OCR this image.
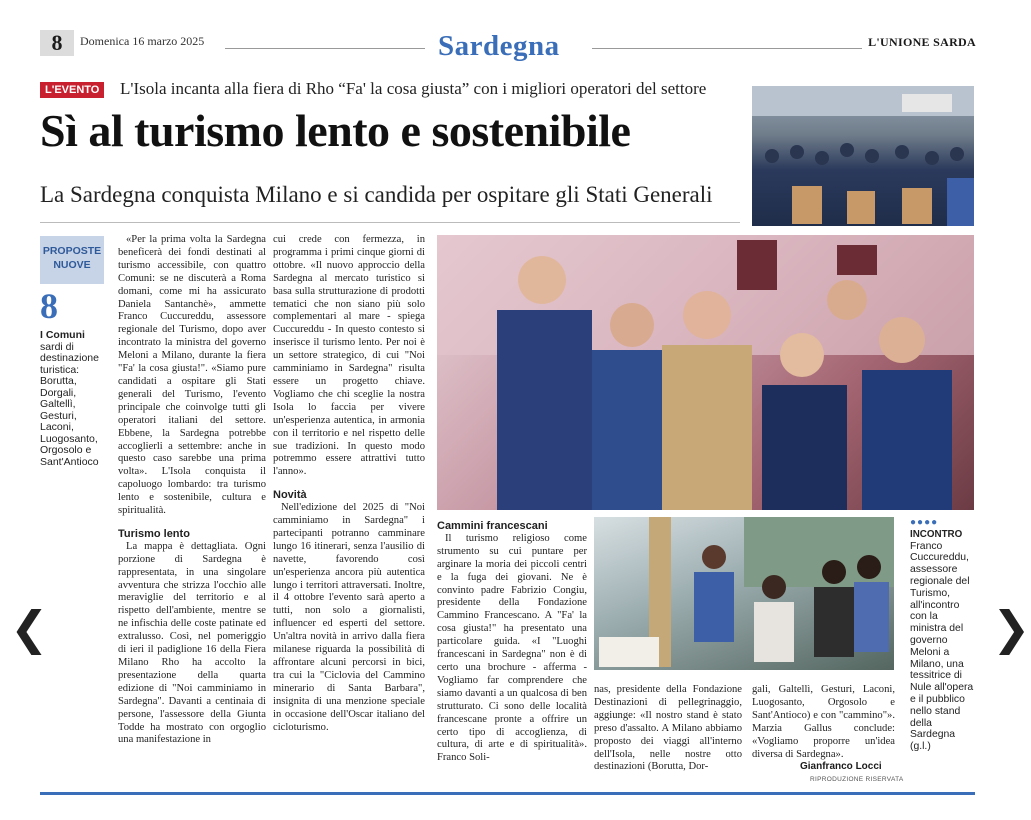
8	Domenica 16 marzo 2025	Sardegna	L'UNIONE SARDA
L'EVENTO L'Isola incanta alla fiera di Rho “Fa' la cosa giusta” con i migliori operatori del settore
Sì al turismo lento e sostenibile
La Sardegna conquista Milano e si candida per ospitare gli Stati Generali
PROPOSTE NUOVE
8
I Comuni
sardi di destinazione turistica: Borutta, Dorgali, Galtellì, Gesturi, Laconi, Luogosanto, Orgosolo e Sant'Antioco

«Per la prima volta la Sardegna beneficerà dei fondi destinati al turismo accessibile, con quattro Comuni: se ne discuterà a Roma domani, come mi ha assicurato Daniela Santanchè», ammette Franco Cuccureddu, assessore regionale del Turismo, dopo aver incontrato la ministra del governo Meloni a Milano, durante la fiera "Fa' la cosa giusta!". «Siamo pure candidati a ospitare gli Stati generali del Turismo, l'evento principale che coinvolge tutti gli operatori italiani del settore. Ebbene, la Sardegna potrebbe accoglierli a settembre: anche in questo caso sarebbe una prima volta». L'Isola conquista il capoluogo lombardo: tra turismo lento e sostenibile, cultura e spiritualità.

Turismo lento

La mappa è dettagliata. Ogni porzione di Sardegna è rappresentata, in una singolare avventura che strizza l'occhio alle meraviglie del territorio e al rispetto dell'ambiente, mentre se ne infischia delle coste patinate ed extralusso. Così, nel pomeriggio di ieri il padiglione 16 della Fiera Milano Rho ha accolto la presentazione della quarta edizione di "Noi camminiamo in Sardegna". Davanti a centinaia di persone, l'assessore della Giunta Todde ha mostrato con orgoglio una manifestazione in

cui crede con fermezza, in programma i primi cinque giorni di ottobre. «Il nuovo approccio della Sardegna al mercato turistico si basa sulla strutturazione di prodotti tematici che non siano più solo complementari al mare - spiega Cuccureddu - In questo contesto si inserisce il turismo lento. Per noi è un settore strategico, di cui "Noi camminiamo in Sardegna" risulta essere un progetto chiave. Vogliamo che chi sceglie la nostra Isola lo faccia per vivere un'esperienza autentica, in armonia con il territorio e nel rispetto delle sue tradizioni. In questo modo potremmo essere attrattivi tutto l'anno».

Novità

Nell'edizione del 2025 di "Noi camminiamo in Sardegna" i partecipanti potranno camminare lungo 16 itinerari, senza l'ausilio di navette, favorendo così un'esperienza ancora più autentica lungo i territori attraversati. Inoltre, il 4 ottobre l'evento sarà aperto a tutti, non solo a giornalisti, influencer ed esperti del settore. Un'altra novità in arrivo dalla fiera milanese riguarda la possibilità di affrontare alcuni percorsi in bici, tra cui la "Ciclovia del Cammino minerario di Santa Barbara", insignita di una menzione speciale in occasione dell'Oscar italiano del cicloturismo.

Cammini francescani

Il turismo religioso come strumento su cui puntare per arginare la moria dei piccoli centri e la fuga dei giovani. Ne è convinto padre Fabrizio Congiu, presidente della Fondazione Cammino Francescano. A "Fa' la cosa giusta!" ha presentato una particolare guida. «I "Luoghi francescani in Sardegna" non è di certo una brochure - afferma - Vogliamo far comprendere che siamo davanti a un qualcosa di ben strutturato. Ci sono delle località francescane pronte a offrire un certo tipo di accoglienza, di cultura, di arte e di spiritualità». Franco Soli-

nas, presidente della Fondazione Destinazioni di pellegrinaggio, aggiunge: «Il nostro stand è stato preso d'assalto. A Milano abbiamo proposto dei viaggi all'interno dell'Isola, nelle nostre otto destinazioni (Borutta, Dor-

gali, Galtellì, Gesturi, Laconi, Luogosanto, Orgosolo e Sant'Antioco) e con "cammino"». Marzia Gallus conclude: «Vogliamo proporre un'idea diversa di Sardegna».

●●●●
INCONTRO
Franco Cuccureddu, assessore regionale del Turismo, all'incontro con la ministra del governo Meloni a Milano, una tessitrice di Nule all'opera e il pubblico nello stand della Sardegna (g.l.)
Gianfranco Locci
RIPRODUZIONE RISERVATA
❮	❯
